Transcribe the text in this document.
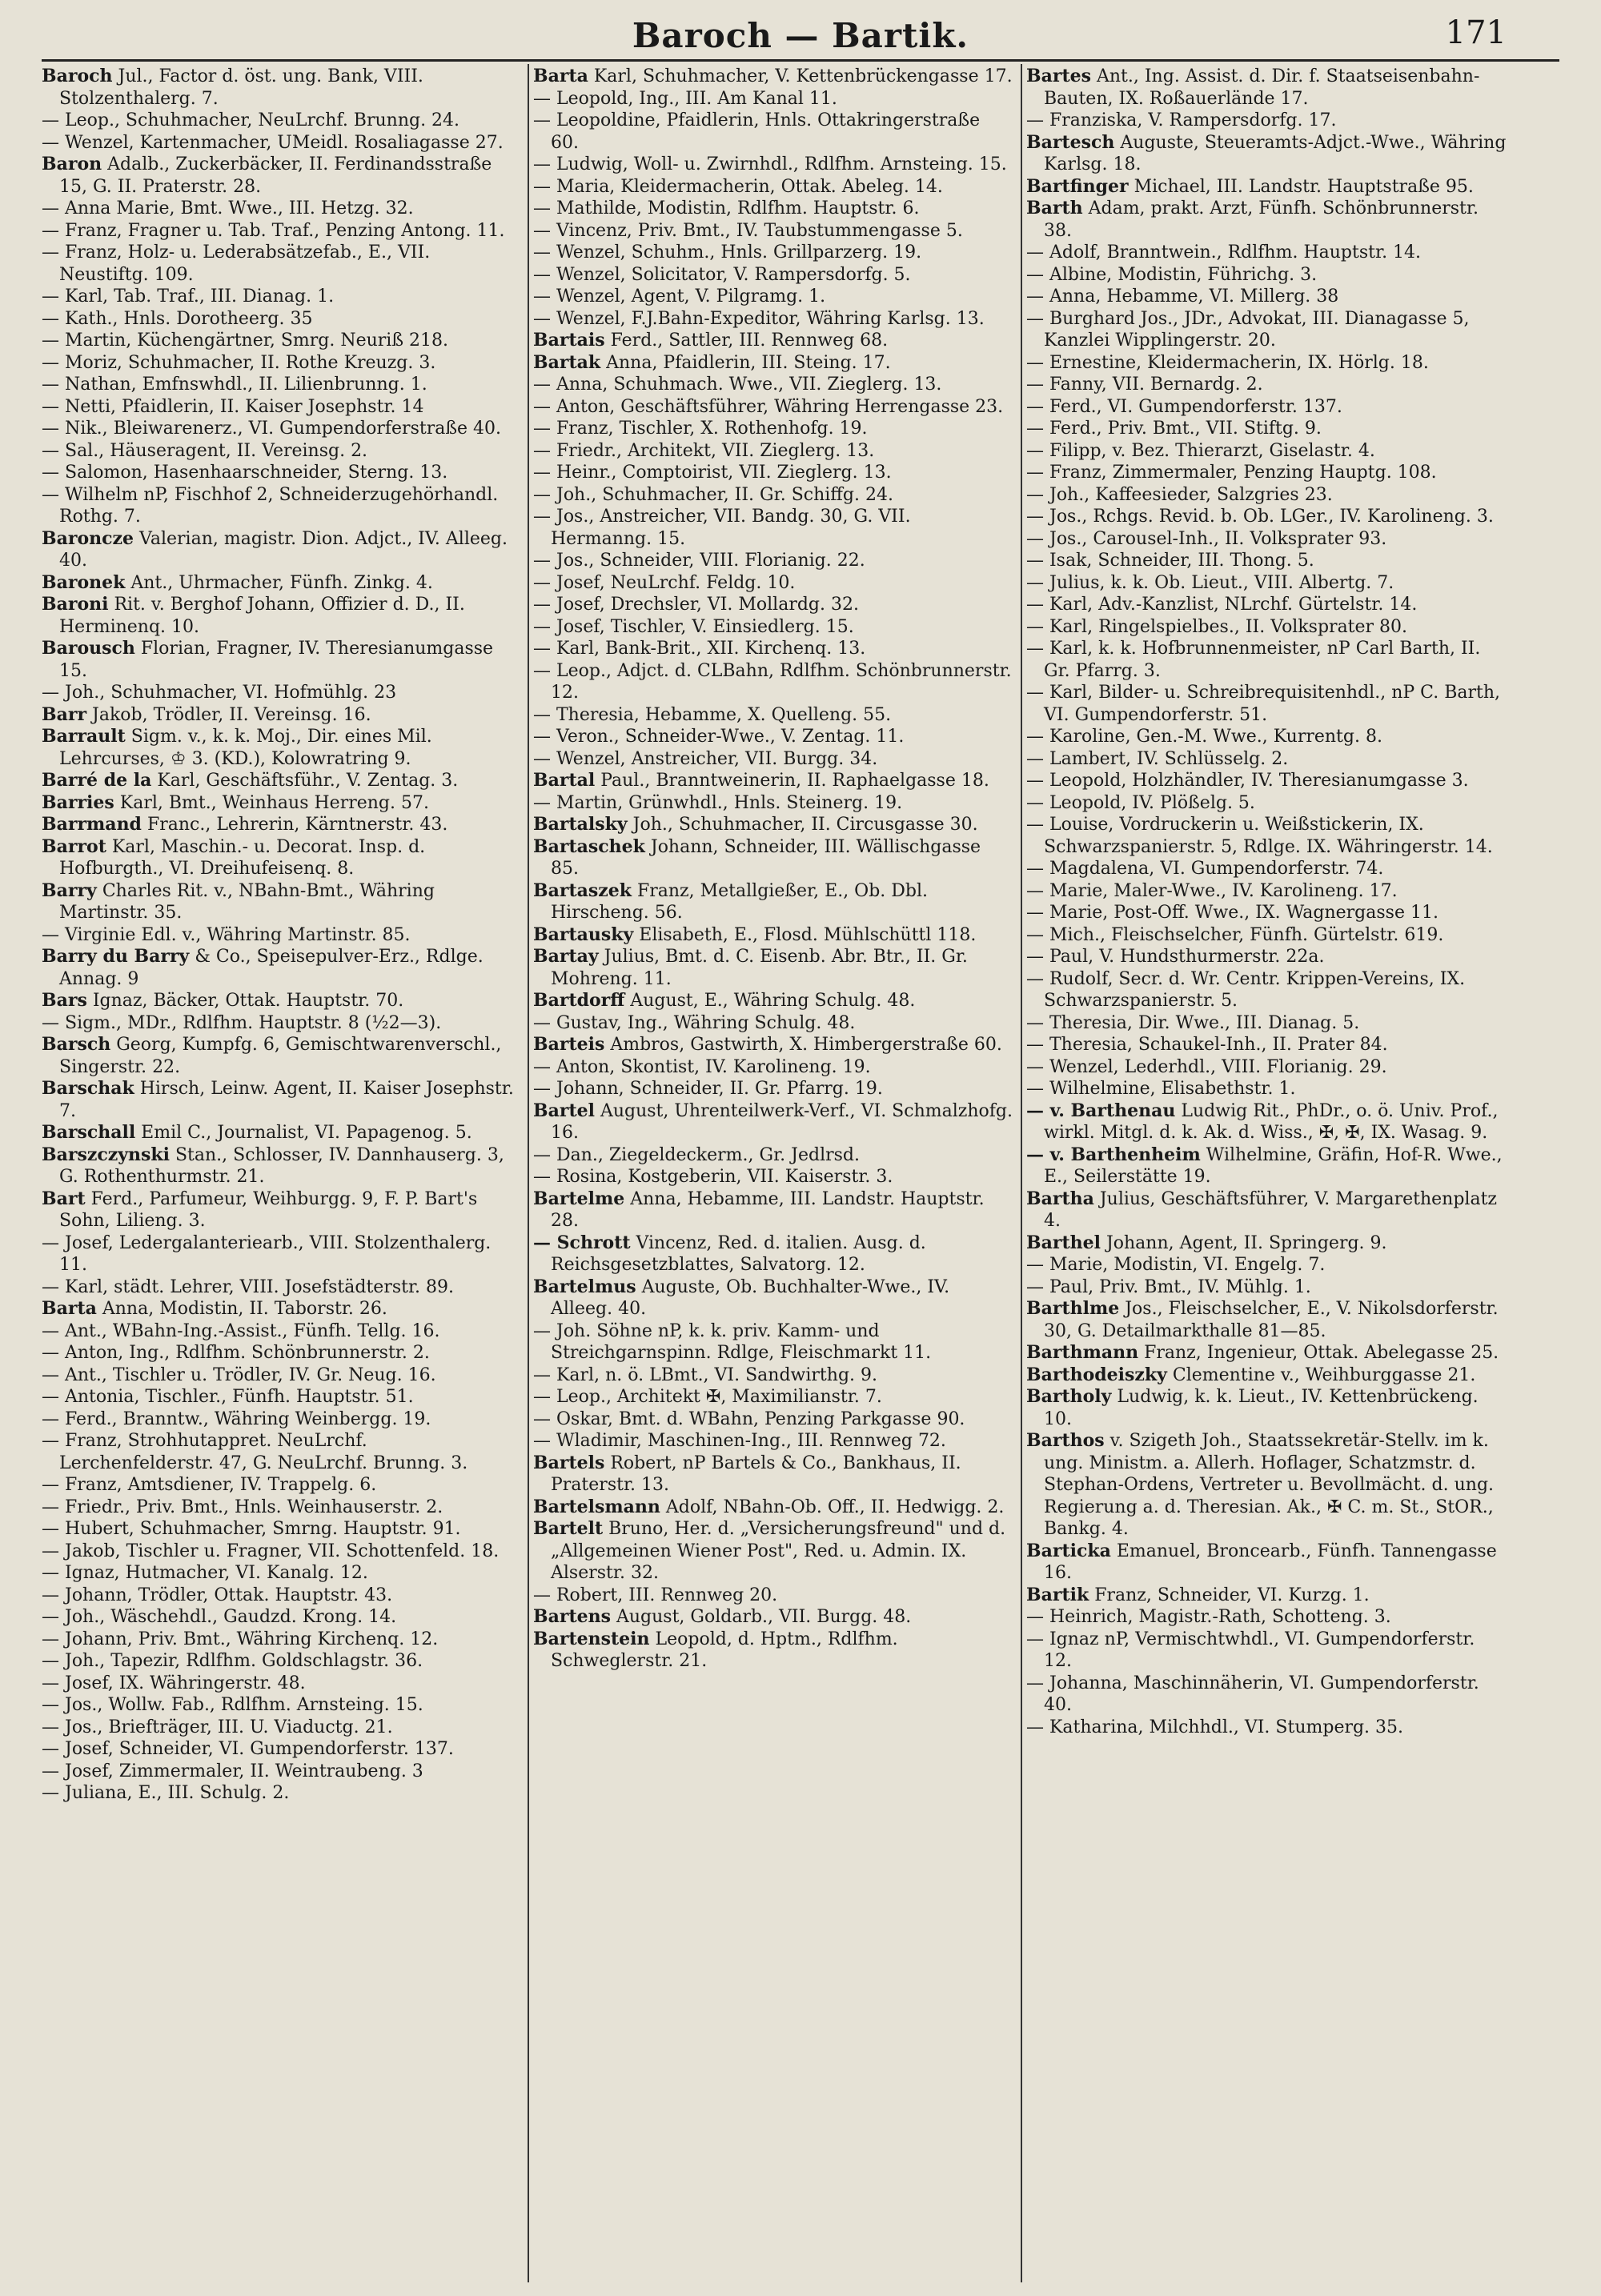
Baroch — Bartik.	171

Baroch Jul., Factor d. öst. ung. Bank, VIII. Stolzenthalerg. 7.

— Leop., Schuhmacher, NeuLrchf. Brunng. 24.

— Wenzel, Kartenmacher, UMeidl. Rosaliagasse 27.

Baron Adalb., Zuckerbäcker, II. Ferdinandsstraße 15, G. II. Praterstr. 28.

— Anna Marie, Bmt. Wwe., III. Hetzg. 32.

— Franz, Fragner u. Tab. Traf., Penzing Antong. 11.

— Franz, Holz- u. Lederabsätzefab., E., VII. Neustiftg. 109.

— Karl, Tab. Traf., III. Dianag. 1.

— Kath., Hnls. Dorotheerg. 35

— Martin, Küchengärtner, Smrg. Neuriß 218.

— Moriz, Schuhmacher, II. Rothe Kreuzg. 3.

— Nathan, Emfnswhdl., II. Lilienbrunng. 1.

— Netti, Pfaidlerin, II. Kaiser Josephstr. 14

— Nik., Bleiwarenerz., VI. Gumpendorferstraße 40.

— Sal., Häuseragent, II. Vereinsg. 2.

— Salomon, Hasenhaarschneider, Sterng. 13.

— Wilhelm nP, Fischhof 2, Schneiderzugehörhandl. Rothg. 7.

Baroncze Valerian, magistr. Dion. Adjct., IV. Alleeg. 40.

Baronek Ant., Uhrmacher, Fünfh. Zinkg. 4.

Baroni Rit. v. Berghof Johann, Offizier d. D., II. Herminenq. 10.

Barousch Florian, Fragner, IV. Theresianumgasse 15.

— Joh., Schuhmacher, VI. Hofmühlg. 23

Barr Jakob, Trödler, II. Vereinsg. 16.

Barrault Sigm. v., k. k. Moj., Dir. eines Mil. Lehrcurses, ♔ 3. (KD.), Kolowratring 9.

Barré de la Karl, Geschäftsführ., V. Zentag. 3.

Barries Karl, Bmt., Weinhaus Herreng. 57.

Barrmand Franc., Lehrerin, Kärntnerstr. 43.

Barrot Karl, Maschin.- u. Decorat. Insp. d. Hofburgth., VI. Dreihufeisenq. 8.

Barry Charles Rit. v., NBahn-Bmt., Währing Martinstr. 35.

— Virginie Edl. v., Währing Martinstr. 85.

Barry du Barry & Co., Speisepulver-Erz., Rdlge. Annag. 9

Bars Ignaz, Bäcker, Ottak. Hauptstr. 70.

— Sigm., MDr., Rdlfhm. Hauptstr. 8 (½2—3).

Barsch Georg, Kumpfg. 6, Gemischtwarenverschl., Singerstr. 22.

Barschak Hirsch, Leinw. Agent, II. Kaiser Josephstr. 7.

Barschall Emil C., Journalist, VI. Papagenog. 5.

Barszczynski Stan., Schlosser, IV. Dannhauserg. 3, G. Rothenthurmstr. 21.

Bart Ferd., Parfumeur, Weihburgg. 9, F. P. Bart's Sohn, Lilieng. 3.

— Josef, Ledergalanteriearb., VIII. Stolzenthalerg. 11.

— Karl, städt. Lehrer, VIII. Josefstädterstr. 89.

Barta Anna, Modistin, II. Taborstr. 26.

— Ant., WBahn-Ing.-Assist., Fünfh. Tellg. 16.

— Anton, Ing., Rdlfhm. Schönbrunnerstr. 2.

— Ant., Tischler u. Trödler, IV. Gr. Neug. 16.

— Antonia, Tischler., Fünfh. Hauptstr. 51.

— Ferd., Branntw., Währing Weinbergg. 19.

— Franz, Strohhutappret. NeuLrchf. Lerchenfelderstr. 47, G. NeuLrchf. Brunng. 3.

— Franz, Amtsdiener, IV. Trappelg. 6.

— Friedr., Priv. Bmt., Hnls. Weinhauserstr. 2.

— Hubert, Schuhmacher, Smrng. Hauptstr. 91.

— Jakob, Tischler u. Fragner, VII. Schottenfeld. 18.

— Ignaz, Hutmacher, VI. Kanalg. 12.

— Johann, Trödler, Ottak. Hauptstr. 43.

— Joh., Wäschehdl., Gaudzd. Krong. 14.

— Johann, Priv. Bmt., Währing Kirchenq. 12.

— Joh., Tapezir, Rdlfhm. Goldschlagstr. 36.

— Josef, IX. Währingerstr. 48.

— Jos., Wollw. Fab., Rdlfhm. Arnsteing. 15.

— Jos., Briefträger, III. U. Viaductg. 21.

— Josef, Schneider, VI. Gumpendorferstr. 137.

— Josef, Zimmermaler, II. Weintraubeng. 3

— Juliana, E., III. Schulg. 2.

Barta Karl, Schuhmacher, V. Kettenbrückengasse 17.

— Leopold, Ing., III. Am Kanal 11.

— Leopoldine, Pfaidlerin, Hnls. Ottakringerstraße 60.

— Ludwig, Woll- u. Zwirnhdl., Rdlfhm. Arnsteing. 15.

— Maria, Kleidermacherin, Ottak. Abeleg. 14.

— Mathilde, Modistin, Rdlfhm. Hauptstr. 6.

— Vincenz, Priv. Bmt., IV. Taubstummengasse 5.

— Wenzel, Schuhm., Hnls. Grillparzerg. 19.

— Wenzel, Solicitator, V. Rampersdorfg. 5.

— Wenzel, Agent, V. Pilgramg. 1.

— Wenzel, F.J.Bahn-Expeditor, Währing Karlsg. 13.

Bartais Ferd., Sattler, III. Rennweg 68.

Bartak Anna, Pfaidlerin, III. Steing. 17.

— Anna, Schuhmach. Wwe., VII. Zieglerg. 13.

— Anton, Geschäftsführer, Währing Herrengasse 23.

— Franz, Tischler, X. Rothenhofg. 19.

— Friedr., Architekt, VII. Zieglerg. 13.

— Heinr., Comptoirist, VII. Zieglerg. 13.

— Joh., Schuhmacher, II. Gr. Schiffg. 24.

— Jos., Anstreicher, VII. Bandg. 30, G. VII. Hermanng. 15.

— Jos., Schneider, VIII. Florianig. 22.

— Josef, NeuLrchf. Feldg. 10.

— Josef, Drechsler, VI. Mollardg. 32.

— Josef, Tischler, V. Einsiedlerg. 15.

— Karl, Bank-Brit., XII. Kirchenq. 13.

— Leop., Adjct. d. CLBahn, Rdlfhm. Schönbrunnerstr. 12.

— Theresia, Hebamme, X. Quelleng. 55.

— Veron., Schneider-Wwe., V. Zentag. 11.

— Wenzel, Anstreicher, VII. Burgg. 34.

Bartal Paul., Branntweinerin, II. Raphaelgasse 18.

— Martin, Grünwhdl., Hnls. Steinerg. 19.

Bartalsky Joh., Schuhmacher, II. Circusgasse 30.

Bartaschek Johann, Schneider, III. Wällischgasse 85.

Bartaszek Franz, Metallgießer, E., Ob. Dbl. Hirscheng. 56.

Bartausky Elisabeth, E., Flosd. Mühlschüttl 118.

Bartay Julius, Bmt. d. C. Eisenb. Abr. Btr., II. Gr. Mohreng. 11.

Bartdorff August, E., Währing Schulg. 48.

— Gustav, Ing., Währing Schulg. 48.

Barteis Ambros, Gastwirth, X. Himbergerstraße 60.

— Anton, Skontist, IV. Karolineng. 19.

— Johann, Schneider, II. Gr. Pfarrg. 19.

Bartel August, Uhrenteilwerk-Verf., VI. Schmalzhofg. 16.

— Dan., Ziegeldeckerm., Gr. Jedlrsd.

— Rosina, Kostgeberin, VII. Kaiserstr. 3.

Bartelme Anna, Hebamme, III. Landstr. Hauptstr. 28.

— Schrott Vincenz, Red. d. italien. Ausg. d. Reichsgesetzblattes, Salvatorg. 12.

Bartelmus Auguste, Ob. Buchhalter-Wwe., IV. Alleeg. 40.

— Joh. Söhne nP, k. k. priv. Kamm- und Streichgarnspinn. Rdlge, Fleischmarkt 11.

— Karl, n. ö. LBmt., VI. Sandwirthg. 9.

— Leop., Architekt ✠, Maximilianstr. 7.

— Oskar, Bmt. d. WBahn, Penzing Parkgasse 90.

— Wladimir, Maschinen-Ing., III. Rennweg 72.

Bartels Robert, nP Bartels & Co., Bankhaus, II. Praterstr. 13.

Bartelsmann Adolf, NBahn-Ob. Off., II. Hedwigg. 2.

Bartelt Bruno, Her. d. „Versicherungsfreund" und d. „Allgemeinen Wiener Post", Red. u. Admin. IX. Alserstr. 32.

— Robert, III. Rennweg 20.

Bartens August, Goldarb., VII. Burgg. 48.

Bartenstein Leopold, d. Hptm., Rdlfhm. Schweglerstr. 21.

Bartes Ant., Ing. Assist. d. Dir. f. Staatseisenbahn-Bauten, IX. Roßauerlände 17.

— Franziska, V. Rampersdorfg. 17.

Bartesch Auguste, Steueramts-Adjct.-Wwe., Währing Karlsg. 18.

Bartfinger Michael, III. Landstr. Hauptstraße 95.

Barth Adam, prakt. Arzt, Fünfh. Schönbrunnerstr. 38.

— Adolf, Branntwein., Rdlfhm. Hauptstr. 14.

— Albine, Modistin, Führichg. 3.

— Anna, Hebamme, VI. Millerg. 38

— Burghard Jos., JDr., Advokat, III. Dianagasse 5, Kanzlei Wipplingerstr. 20.

— Ernestine, Kleidermacherin, IX. Hörlg. 18.

— Fanny, VII. Bernardg. 2.

— Ferd., VI. Gumpendorferstr. 137.

— Ferd., Priv. Bmt., VII. Stiftg. 9.

— Filipp, v. Bez. Thierarzt, Giselastr. 4.

— Franz, Zimmermaler, Penzing Hauptg. 108.

— Joh., Kaffeesieder, Salzgries 23.

— Jos., Rchgs. Revid. b. Ob. LGer., IV. Karolineng. 3.

— Jos., Carousel-Inh., II. Volksprater 93.

— Isak, Schneider, III. Thong. 5.

— Julius, k. k. Ob. Lieut., VIII. Albertg. 7.

— Karl, Adv.-Kanzlist, NLrchf. Gürtelstr. 14.

— Karl, Ringelspielbes., II. Volksprater 80.

— Karl, k. k. Hofbrunnenmeister, nP Carl Barth, II. Gr. Pfarrg. 3.

— Karl, Bilder- u. Schreibrequisitenhdl., nP C. Barth, VI. Gumpendorferstr. 51.

— Karoline, Gen.-M. Wwe., Kurrentg. 8.

— Lambert, IV. Schlüsselg. 2.

— Leopold, Holzhändler, IV. Theresianumgasse 3.

— Leopold, IV. Plößelg. 5.

— Louise, Vordruckerin u. Weißstickerin, IX. Schwarzspanierstr. 5, Rdlge. IX. Währingerstr. 14.

— Magdalena, VI. Gumpendorferstr. 74.

— Marie, Maler-Wwe., IV. Karolineng. 17.

— Marie, Post-Off. Wwe., IX. Wagnergasse 11.

— Mich., Fleischselcher, Fünfh. Gürtelstr. 619.

— Paul, V. Hundsthurmerstr. 22a.

— Rudolf, Secr. d. Wr. Centr. Krippen-Vereins, IX. Schwarzspanierstr. 5.

— Theresia, Dir. Wwe., III. Dianag. 5.

— Theresia, Schaukel-Inh., II. Prater 84.

— Wenzel, Lederhdl., VIII. Florianig. 29.

— Wilhelmine, Elisabethstr. 1.

— v. Barthenau Ludwig Rit., PhDr., o. ö. Univ. Prof., wirkl. Mitgl. d. k. Ak. d. Wiss., ✠, ✠, IX. Wasag. 9.

— v. Barthenheim Wilhelmine, Gräfin, Hof-R. Wwe., E., Seilerstätte 19.

Bartha Julius, Geschäftsführer, V. Margarethenplatz 4.

Barthel Johann, Agent, II. Springerg. 9.

— Marie, Modistin, VI. Engelg. 7.

— Paul, Priv. Bmt., IV. Mühlg. 1.

Barthlme Jos., Fleischselcher, E., V. Nikolsdorferstr. 30, G. Detailmarkthalle 81—85.

Barthmann Franz, Ingenieur, Ottak. Abelegasse 25.

Barthodeiszky Clementine v., Weihburggasse 21.

Bartholy Ludwig, k. k. Lieut., IV. Kettenbrückeng. 10.

Barthos v. Szigeth Joh., Staatssekretär-Stellv. im k. ung. Ministm. a. Allerh. Hoflager, Schatzmstr. d. Stephan-Ordens, Vertreter u. Bevollmächt. d. ung. Regierung a. d. Theresian. Ak., ✠ C. m. St., StOR., Bankg. 4.

Barticka Emanuel, Broncearb., Fünfh. Tannengasse 16.

Bartik Franz, Schneider, VI. Kurzg. 1.

— Heinrich, Magistr.-Rath, Schotteng. 3.

— Ignaz nP, Vermischtwhdl., VI. Gumpendorferstr. 12.

— Johanna, Maschinnäherin, VI. Gumpendorferstr. 40.

— Katharina, Milchhdl., VI. Stumperg. 35.
